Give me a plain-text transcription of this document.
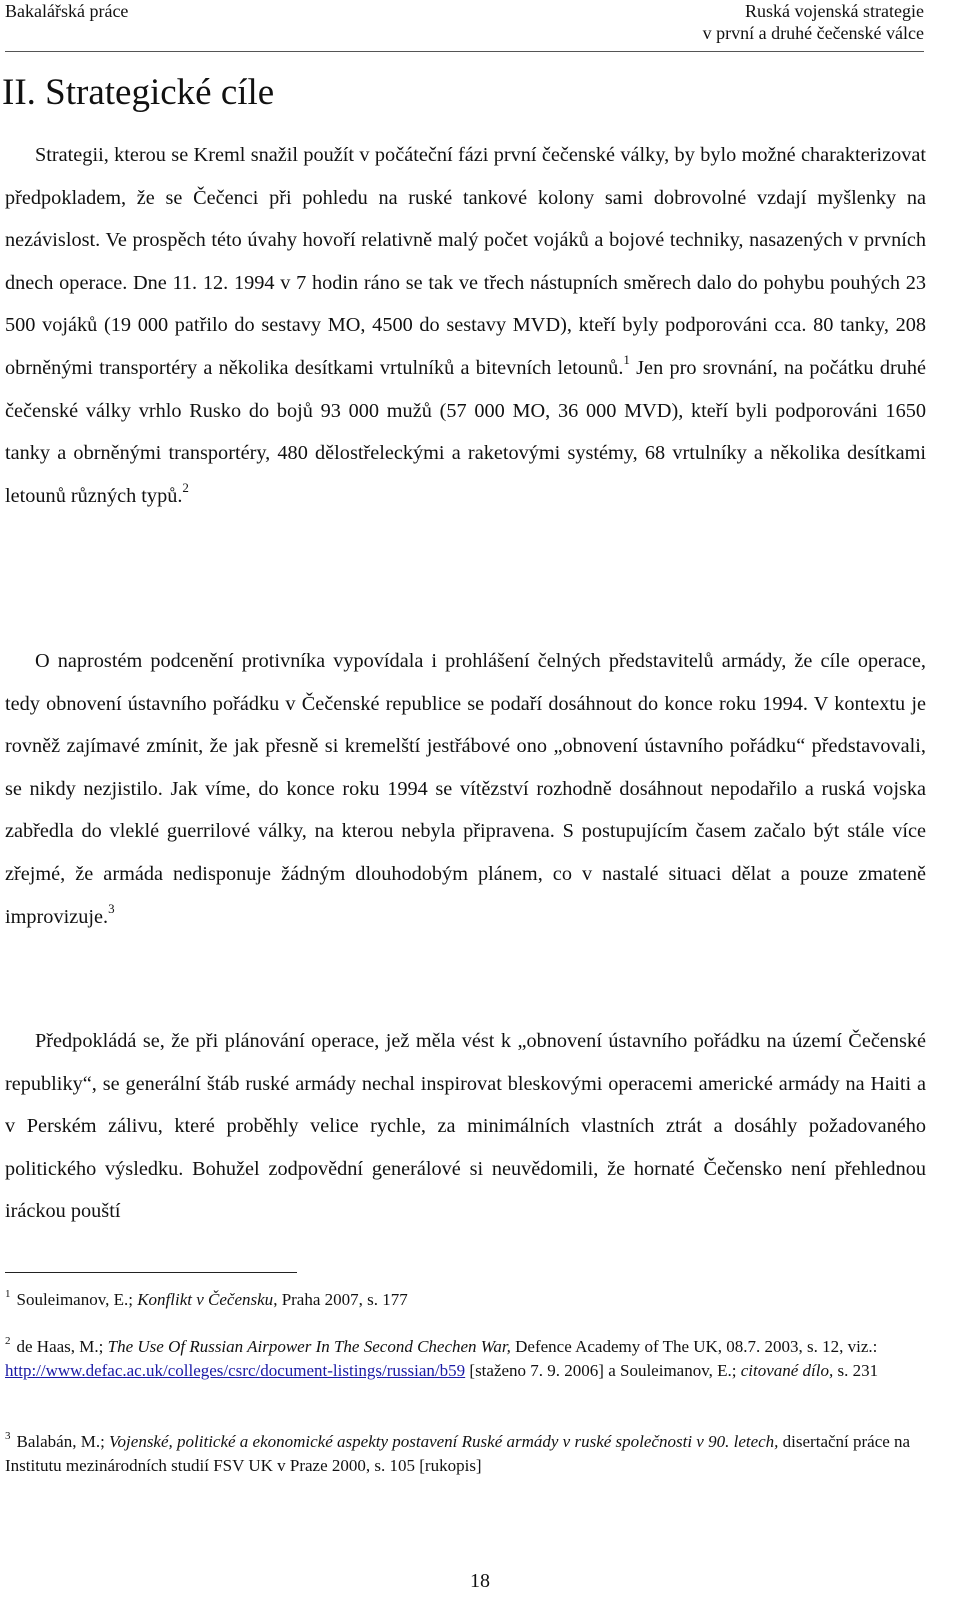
Bakalářská práce	Ruská vojenská strategie
v první a druhé čečenské válce
II. Strategické cíle

Strategii, kterou se Kreml snažil použít v počáteční fázi první čečenské války, by bylo možné charakterizovat předpokladem, že se Čečenci při pohledu na ruské tankové kolony sami dobrovolné vzdají myšlenky na nezávislost. Ve prospěch této úvahy hovoří relativně malý počet vojáků a bojové techniky, nasazených v prvních dnech operace. Dne 11. 12. 1994 v 7 hodin ráno se tak ve třech nástupních směrech dalo do pohybu pouhých 23 500 vojáků (19 000 patřilo do sestavy MO, 4500 do sestavy MVD), kteří byly podporováni cca. 80 tanky, 208 obrněnými transportéry a několika desítkami vrtulníků a bitevních letounů.$^1$ Jen pro srovnání, na počátku druhé čečenské války vrhlo Rusko do bojů 93 000 mužů (57 000 MO, 36 000 MVD), kteří byli podporováni 1650 tanky a obrněnými transportéry, 480 dělostřeleckými a raketovými systémy, 68 vrtulníky a několika desítkami letounů různých typů.$^2$

O naprostém podcenění protivníka vypovídala i prohlášení čelných představitelů armády, že cíle operace, tedy obnovení ústavního pořádku v Čečenské republice se podaří dosáhnout do konce roku 1994. V kontextu je rovněž zajímavé zmínit, že jak přesně si kremelští jestřábové ono „obnovení ústavního pořádku“ představovali, se nikdy nezjistilo. Jak víme, do konce roku 1994 se vítězství rozhodně dosáhnout nepodařilo a ruská vojska zabředla do vleklé guerrilové války, na kterou nebyla připravena. S postupujícím časem začalo být stále více zřejmé, že armáda nedisponuje žádným dlouhodobým plánem, co v nastalé situaci dělat a pouze zmateně improvizuje.$^3$

Předpokládá se, že při plánování operace, jež měla vést k „obnovení ústavního pořádku na území Čečenské republiky“, se generální štáb ruské armády nechal inspirovat bleskovými operacemi americké armády na Haiti a v Perském zálivu, které proběhly velice rychle, za minimálních vlastních ztrát a dosáhly požadovaného politického výsledku. Bohužel zodpovědní generálové si neuvědomili, že hornaté Čečensko není přehlednou iráckou pouští

$^1$ Souleimanov, E.; Konflikt v Čečensku, Praha 2007, s. 177

$^2$ de Haas, M.; The Use Of Russian Airpower In The Second Chechen War, Defence Academy of The UK, 08.7. 2003, s. 12, viz.: http://www.defac.ac.uk/colleges/csrc/document-listings/russian/b59 [staženo 7. 9. 2006] a Souleimanov, E.; citované dílo, s. 231

$^3$ Balabán, M.; Vojenské, politické a ekonomické aspekty postavení Ruské armády v ruské společnosti v 90. letech, disertační práce na Institutu mezinárodních studií FSV UK v Praze 2000, s. 105 [rukopis]

18
